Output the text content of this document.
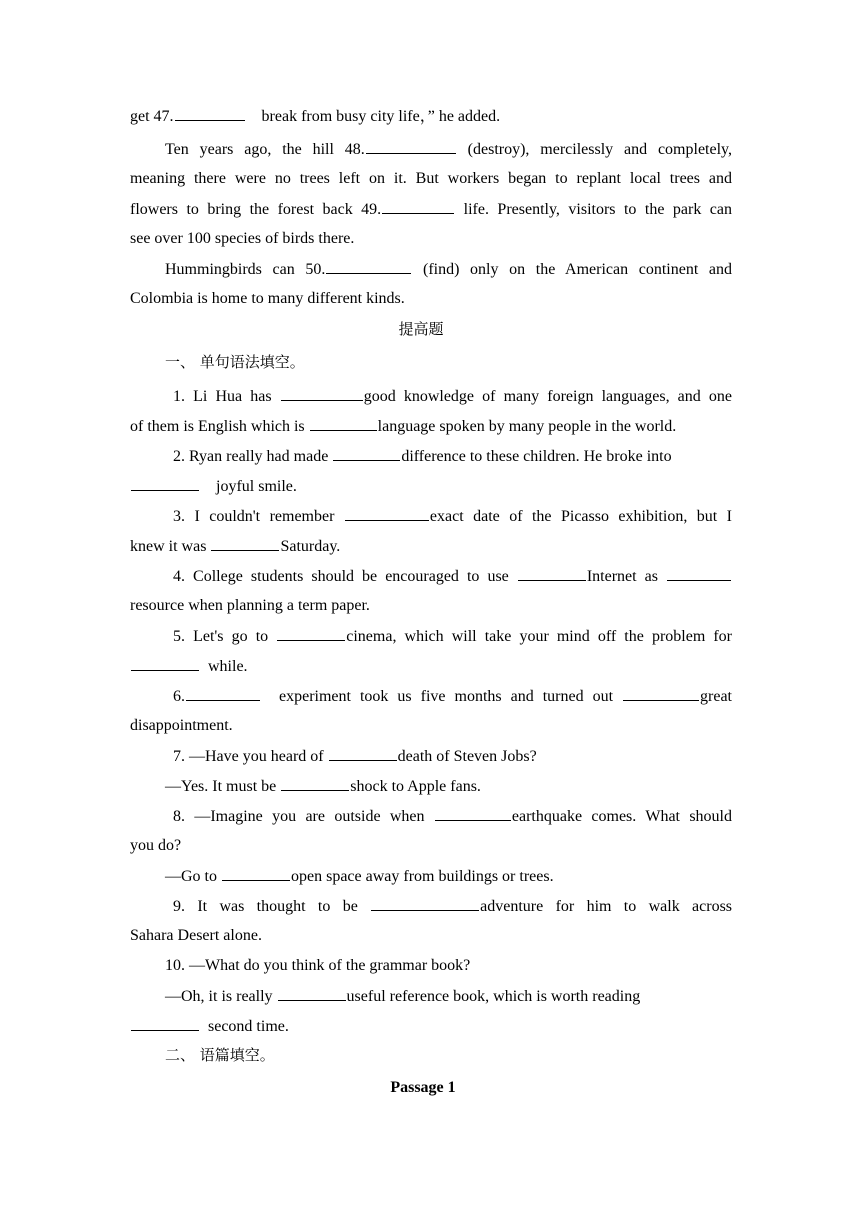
get 47.	break from busy city life，” he added.
Ten years ago, the hill 48.	(destroy), mercilessly and completely,
meaning there were no trees left on it. But workers began to replant local trees and
flowers to bring the forest back 49.	life. Presently, visitors to the park can
see over 100 species of birds there.
Hummingbirds can 50.	(find) only on the American continent and
Colombia is home to many different kinds.
提高题
一、 单句语法填空。
1. Li Hua has	good knowledge of many foreign languages, and one
of them is English which is	language spoken by many people in the world.
2. Ryan really had made	difference to these children. He broke into
joyful smile.
3. I couldn't remember	exact date of the Picasso exhibition, but I
knew it was	Saturday.
4. College students should be encouraged to use	Internet as
resource when planning a term paper.
5. Let's go to	cinema, which will take your mind off the problem for
while.
6.	experiment took us five months and turned out	great
disappointment.
7. —Have you heard of	death of Steven Jobs?
—Yes. It must be	shock to Apple fans.
8. —Imagine you are outside when	earthquake comes. What should
you do?
—Go to	open space away from buildings or trees.
9. It was thought to be	adventure for him to walk across
Sahara Desert alone.
10. —What do you think of the grammar book?
—Oh, it is really	useful reference book, which is worth reading
second time.
二、 语篇填空。
Passage 1
